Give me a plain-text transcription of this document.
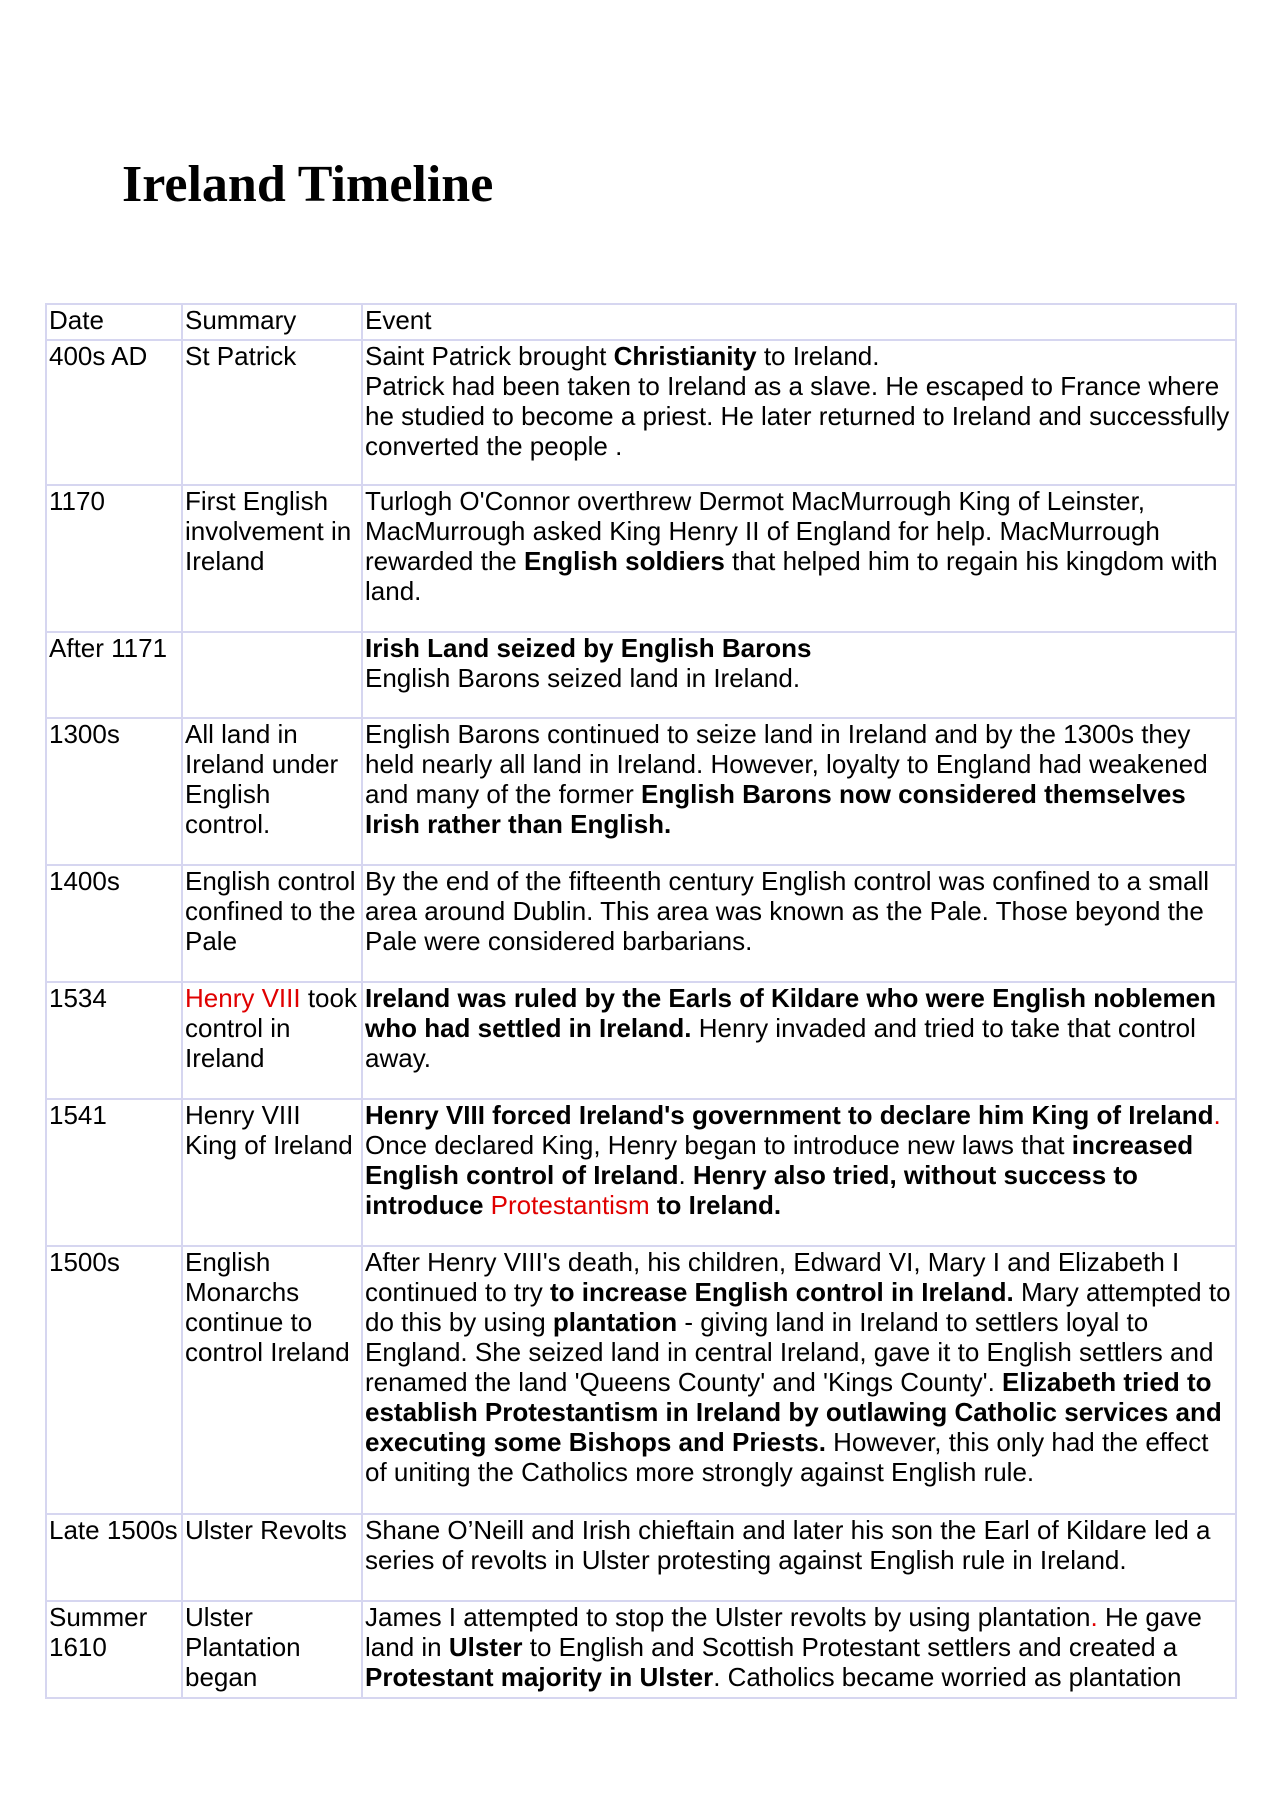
Ireland Timeline
Date	Summary	Event
400s AD	St Patrick	Saint Patrick brought Christianity to Ireland.
Patrick had been taken to Ireland as a slave. He escaped to France where he studied to become a priest. He later returned to Ireland and successfully converted the people .
1170	First English involvement in Ireland	Turlogh O'Connor overthrew Dermot MacMurrough King of Leinster, MacMurrough asked King Henry II of England for help. MacMurrough rewarded the English soldiers that helped him to regain his kingdom with land.
After 1171		Irish Land seized by English Barons
English Barons seized land in Ireland.
1300s	All land in Ireland under English control.	English Barons continued to seize land in Ireland and by the 1300s they held nearly all land in Ireland. However, loyalty to England had weakened and many of the former English Barons now considered themselves Irish rather than English.
1400s	English control confined to the Pale	By the end of the fifteenth century English control was confined to a small area around Dublin. This area was known as the Pale. Those beyond the Pale were considered barbarians.
1534	Henry VIII took control in Ireland	Ireland was ruled by the Earls of Kildare who were English noblemen who had settled in Ireland. Henry invaded and tried to take that control away.
1541	Henry VIII King of Ireland	Henry VIII forced Ireland's government to declare him King of Ireland. Once declared King, Henry began to introduce new laws that increased English control of Ireland. Henry also tried, without success to introduce Protestantism to Ireland.
1500s	English Monarchs continue to control Ireland	After Henry VIII's death, his children, Edward VI, Mary I and Elizabeth I continued to try to increase English control in Ireland. Mary attempted to do this by using plantation - giving land in Ireland to settlers loyal to England. She seized land in central Ireland, gave it to English settlers and renamed the land 'Queens County' and 'Kings County'. Elizabeth tried to establish Protestantism in Ireland by outlawing Catholic services and executing some Bishops and Priests. However, this only had the effect of uniting the Catholics more strongly against English rule.
Late 1500s	Ulster Revolts	Shane O’Neill and Irish chieftain and later his son the Earl of Kildare led a series of revolts in Ulster protesting against English rule in Ireland.
Summer 1610	Ulster Plantation began	James I attempted to stop the Ulster revolts by using plantation. He gave land in Ulster to English and Scottish Protestant settlers and created a Protestant majority in Ulster. Catholics became worried as plantation
